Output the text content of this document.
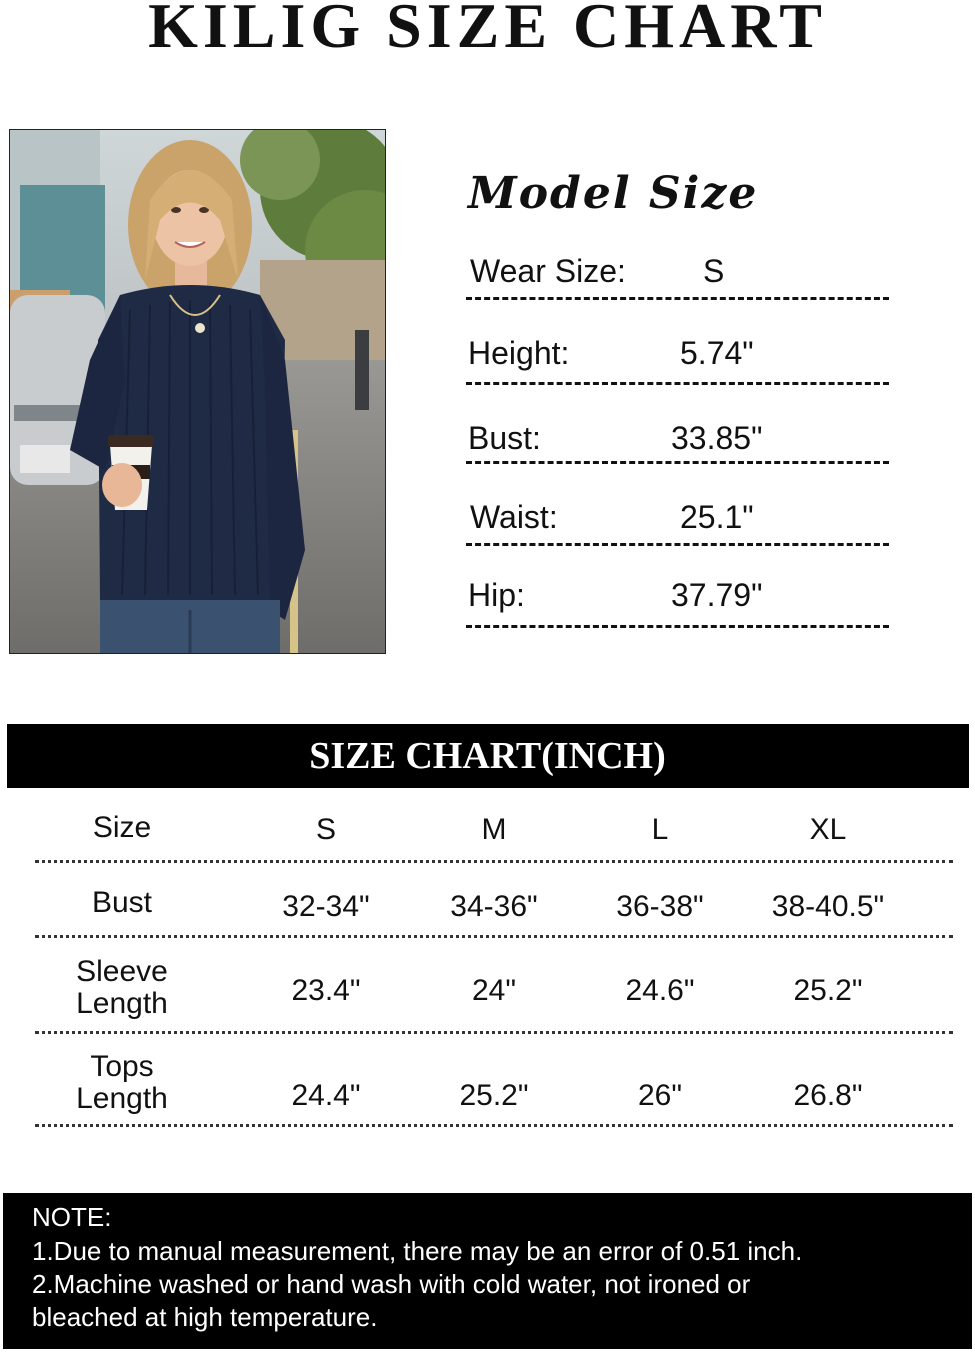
KILIG SIZE CHART
Model Size
Wear Size: S
Height:	5.74"
Bust:	33.85"
Waist:	25.1"
Hip:	37.79"
SIZE CHART(INCH)
Size	S	M	L	XL
Bust	32-34"	34-36"	36-38"	38-40.5"
Sleeve
Length	23.4"	24"	24.6"	25.2"
Tops
Length	24.4"	25.2"	26"	26.8"
NOTE:
1.Due to manual measurement, there may be an error of 0.51 inch.
2.Machine washed or hand wash with cold water, not ironed or
bleached at high temperature.
